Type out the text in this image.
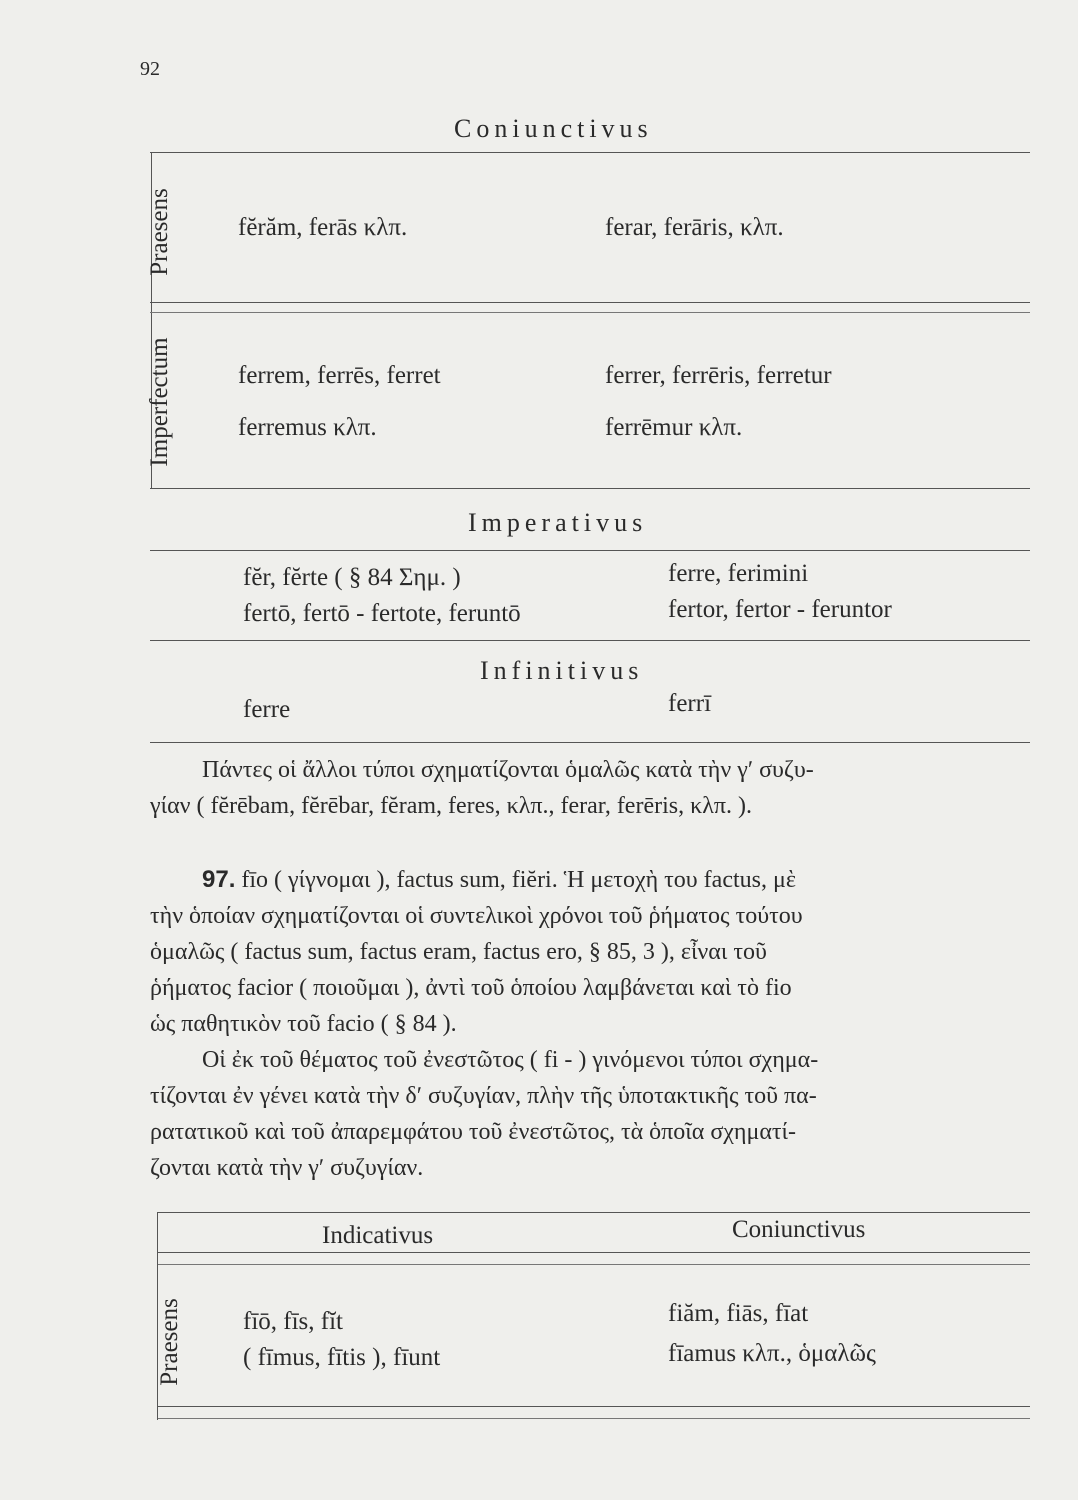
92
Coniunctivus
Praesens	fĕrăm, ferās κλπ.	ferar, ferāris, κλπ.
Imperfectum	ferrem, ferrēs, ferret	ferrer, ferrēris, ferretur
ferremus κλπ.	ferrēmur κλπ.
Imperativus
fĕr, fĕrte ( § 84 Σημ. )	ferre, ferimini
fertō, fertō - fertote, feruntō	fertor, fertor - feruntor
Infinitivus
ferre	ferrī
Πάντες οἱ ἄλλοι τύποι σχηματίζονται ὁμαλῶς κατὰ τὴν γʹ συζυ-
γίαν ( fĕrēbam, fĕrēbar, fĕram, feres, κλπ., ferar, ferēris, κλπ. ).
97. fīo ( γίγνομαι ), factus sum, fiĕri. Ἡ μετοχὴ του factus, μὲ
τὴν ὁποίαν σχηματίζονται οἱ συντελικοὶ χρόνοι τοῦ ῥήματος τούτου
ὁμαλῶς ( factus sum, factus eram, factus ero, § 85, 3 ), εἶναι τοῦ
ῥήματος facior ( ποιοῦμαι ), ἀντὶ τοῦ ὁποίου λαμβάνεται καὶ τὸ fio
ὡς παθητικὸν τοῦ facio ( § 84 ).
Οἱ ἐκ τοῦ θέματος τοῦ ἐνεστῶτος ( fi - ) γινόμενοι τύποι σχημα-
τίζονται ἐν γένει κατὰ τὴν δʹ συζυγίαν, πλὴν τῆς ὑποτακτικῆς τοῦ πα-
ρατατικοῦ καὶ τοῦ ἀπαρεμφάτου τοῦ ἐνεστῶτος, τὰ ὁποῖα σχηματί-
ζονται κατὰ τὴν γʹ συζυγίαν.
Indicativus	Coniunctivus
Praesens fīō, fīs, fĭt	fiăm, fiās, fīat
( fīmus, fītis ), fīunt	fīamus κλπ., ὁμαλῶς
